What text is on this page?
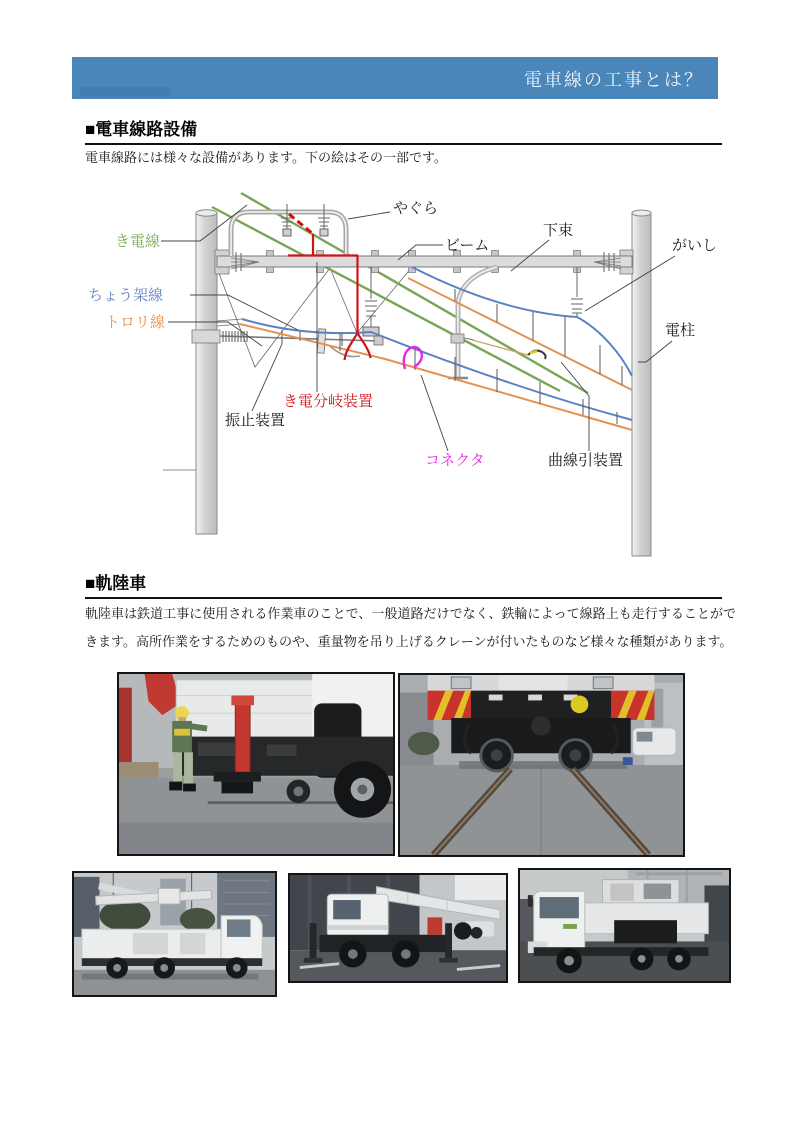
電車線の工事とは？
■電車線路設備
電車線路には様々な設備があります。下の絵はその一部です。
やぐら
き電線	ビーム
下束
がいし
ちょう架線
トロリ線	電柱
き電分岐装置
振止装置
コネクタ	曲線引装置
■軌陸車
軌陸車は鉄道工事に使用される作業車のことで、一般道路だけでなく、鉄輪によって線路上も走行することができます。高所作業をするためのものや、重量物を吊り上げるクレーンが付いたものなど様々な種類があります。
